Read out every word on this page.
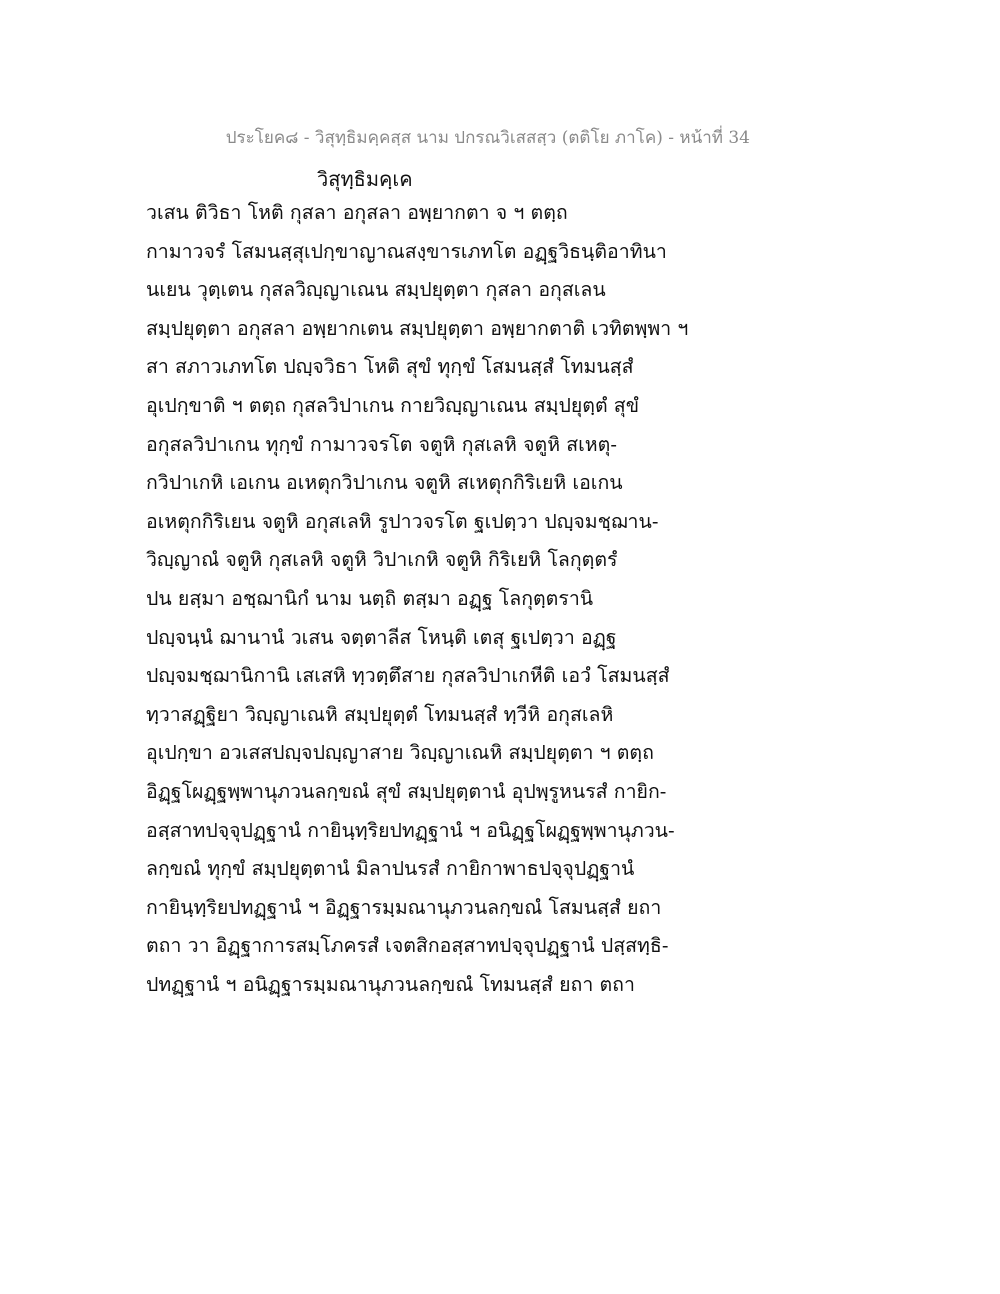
ประโยค๘ - วิสุทฺธิมคฺคสฺส นาม ปกรณวิเสสสฺว (ตติโย ภาโค) - หน้าที่ 34
วิสุทฺธิมคฺเค
วเสน ติวิธา โหติ กุสลา อกุสลา อพฺยากตา จ ฯ ตตฺถ
กามาวจรํ โสมนสฺสุเปกฺขาญาณสงฺขารเภทโต อฏฺฐวิธนฺติอาทินา
นเยน วุตฺเตน กุสลวิญฺญาเณน สมฺปยุตฺตา กุสลา อกุสเลน
สมฺปยุตฺตา อกุสลา อพฺยากเตน สมฺปยุตฺตา อพฺยากตาติ เวทิตพฺพา ฯ
สา สภาวเภทโต ปญฺจวิธา โหติ สุขํ ทุกฺขํ โสมนสฺสํ โทมนสฺสํ
อุเปกฺขาติ ฯ ตตฺถ กุสลวิปาเกน กายวิญฺญาเณน สมฺปยุตฺตํ สุขํ
อกุสลวิปาเกน ทุกฺขํ กามาวจรโต จตูหิ กุสเลหิ จตูหิ สเหตุ-
กวิปาเกหิ เอเกน อเหตุกวิปาเกน จตูหิ สเหตุกกิริเยหิ เอเกน
อเหตุกกิริเยน จตูหิ อกุสเลหิ รูปาวจรโต ฐเปตฺวา ปญฺจมชฺฌาน-
วิญฺญาณํ จตูหิ กุสเลหิ จตูหิ วิปาเกหิ จตูหิ กิริเยหิ โลกุตฺตรํ
ปน ยสฺมา อชฺฌานิกํ นาม นตฺถิ ตสฺมา อฏฺฐ โลกุตฺตรานิ
ปญฺจนฺนํ ฌานานํ วเสน จตฺตาลีส โหนฺติ เตสุ ฐเปตฺวา อฏฺฐ
ปญฺจมชฺฌานิกานิ เสเสหิ ทฺวตฺตึสาย กุสลวิปาเกหีติ เอวํ โสมนสฺสํ
ทฺวาสฏฺฐิยา วิญฺญาเณหิ สมฺปยุตฺตํ โทมนสฺสํ ทฺวีหิ อกุสเลหิ
อุเปกฺขา อวเสสปญฺจปญฺญาสาย วิญฺญาเณหิ สมฺปยุตฺตา ฯ ตตฺถ
อิฏฺฐโผฏฺฐพฺพานุภวนลกฺขณํ สุขํ สมฺปยุตฺตานํ อุปพฺรูหนรสํ กายิก-
อสฺสาทปจฺจุปฏฺฐานํ กายินฺทฺริยปทฏฺฐานํ ฯ อนิฏฺฐโผฏฺฐพฺพานุภวน-
ลกฺขณํ ทุกฺขํ สมฺปยุตฺตานํ มิลาปนรสํ กายิกาพาธปจฺจุปฏฺฐานํ
กายินฺทฺริยปทฏฺฐานํ ฯ อิฏฺฐารมฺมณานุภวนลกฺขณํ โสมนสฺสํ ยถา
ตถา วา อิฏฺฐาการสมฺโภครสํ เจตสิกอสฺสาทปจฺจุปฏฺฐานํ ปสฺสทฺธิ-
ปทฏฺฐานํ ฯ อนิฏฺฐารมฺมณานุภวนลกฺขณํ โทมนสฺสํ ยถา ตถา
